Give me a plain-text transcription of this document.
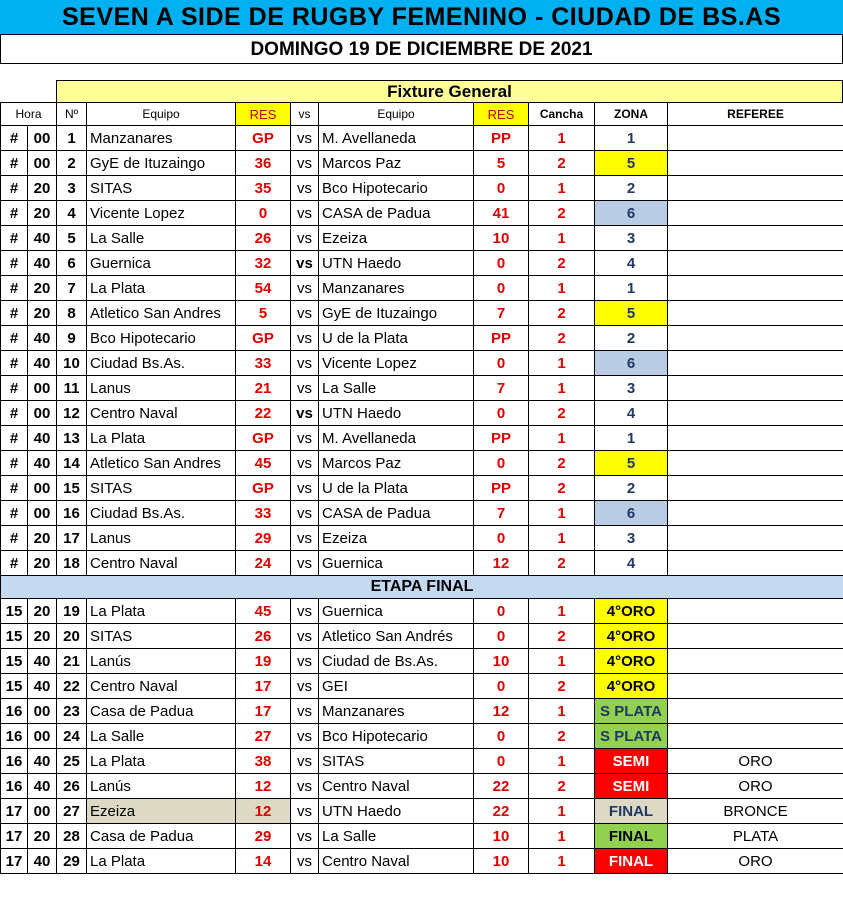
SEVEN A SIDE DE RUGBY FEMENINO - CIUDAD DE BS.AS
DOMINGO 19 DE DICIEMBRE DE 2021
Fixture General
Hora		Nº	Equipo	RES	vs	Equipo	RES	Cancha	ZONA	REFEREE
#	00	1	Manzanares	GP	vs	M. Avellaneda	PP	1	1	
#	00	2	GyE de Ituzaingo	36	vs	Marcos Paz	5	2	5	
#	20	3	SITAS	35	vs	Bco Hipotecario	0	1	2	
#	20	4	Vicente Lopez	0	vs	CASA de Padua	41	2	6	
#	40	5	La Salle	26	vs	Ezeiza	10	1	3	
#	40	6	Guernica	32	vs	UTN Haedo	0	2	4	
#	20	7	La Plata	54	vs	Manzanares	0	1	1	
#	20	8	Atletico San Andres	5	vs	GyE de Ituzaingo	7	2	5	
#	40	9	Bco Hipotecario	GP	vs	U de la Plata	PP	2	2	
#	40	10	Ciudad Bs.As.	33	vs	Vicente Lopez	0	1	6	
#	00	11	Lanus	21	vs	La Salle	7	1	3	
#	00	12	Centro Naval	22	vs	UTN Haedo	0	2	4	
#	40	13	La Plata	GP	vs	M. Avellaneda	PP	1	1	
#	40	14	Atletico San Andres	45	vs	Marcos Paz	0	2	5	
#	00	15	SITAS	GP	vs	U de la Plata	PP	2	2	
#	00	16	Ciudad Bs.As.	33	vs	CASA de Padua	7	1	6	
#	20	17	Lanus	29	vs	Ezeiza	0	1	3	
#	20	18	Centro Naval	24	vs	Guernica	12	2	4	
ETAPA FINAL										
15	20	19	La Plata	45	vs	Guernica	0	1	4°ORO	
15	20	20	SITAS	26	vs	Atletico San Andrés	0	2	4°ORO	
15	40	21	Lanús	19	vs	Ciudad de Bs.As.	10	1	4°ORO	
15	40	22	Centro Naval	17	vs	GEI	0	2	4°ORO	
16	00	23	Casa de Padua	17	vs	Manzanares	12	1	S PLATA	
16	00	24	La Salle	27	vs	Bco Hipotecario	0	2	S PLATA	
16	40	25	La Plata	38	vs	SITAS	0	1	SEMI	ORO
16	40	26	Lanús	12	vs	Centro Naval	22	2	SEMI	ORO
17	00	27	Ezeiza	12	vs	UTN Haedo	22	1	FINAL	BRONCE
17	20	28	Casa de Padua	29	vs	La Salle	10	1	FINAL	PLATA
17	40	29	La Plata	14	vs	Centro Naval	10	1	FINAL	ORO
